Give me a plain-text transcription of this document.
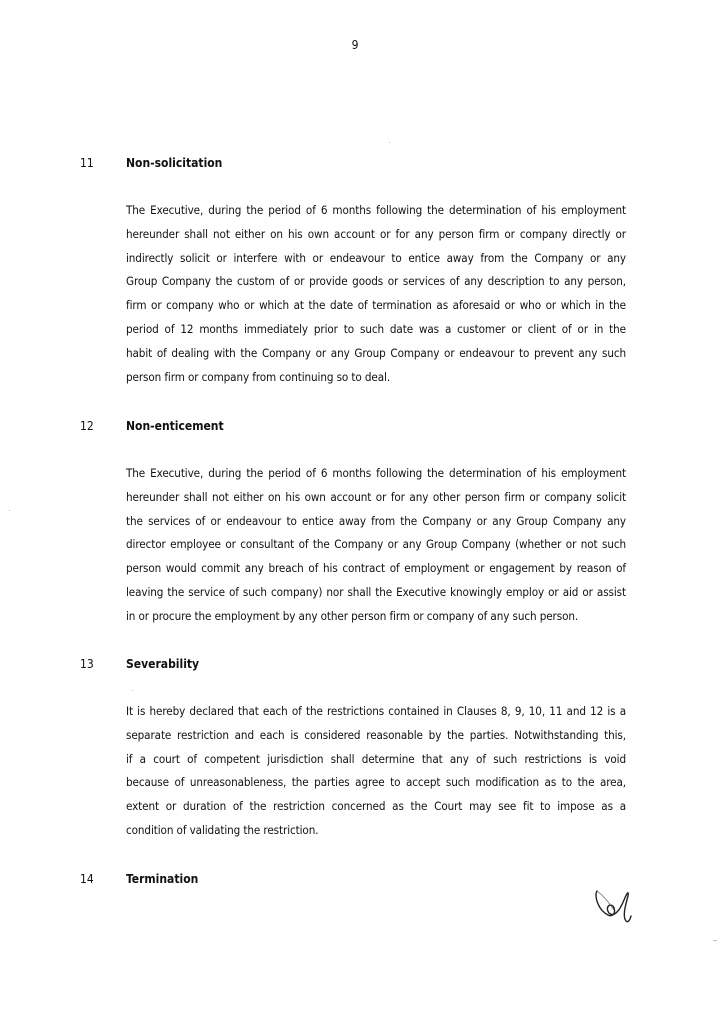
9
11	Non-solicitation
The Executive, during the period of 6 months following the determination of his employment
hereunder shall not either on his own account or for any person firm or company directly or
indirectly solicit or interfere with or endeavour to entice away from the Company or any
Group Company the custom of or provide goods or services of any description to any person,
firm or company who or which at the date of termination as aforesaid or who or which in the
period of 12 months immediately prior to such date was a customer or client of or in the
habit of dealing with the Company or any Group Company or endeavour to prevent any such
person firm or company from continuing so to deal.
12	Non-enticement
The Executive, during the period of 6 months following the determination of his employment
hereunder shall not either on his own account or for any other person firm or company solicit
the services of or endeavour to entice away from the Company or any Group Company any
director employee or consultant of the Company or any Group Company (whether or not such
person would commit any breach of his contract of employment or engagement by reason of
leaving the service of such company) nor shall the Executive knowingly employ or aid or assist
in or procure the employment by any other person firm or company of any such person.
13	Severability
It is hereby declared that each of the restrictions contained in Clauses 8, 9, 10, 11 and 12 is a
separate restriction and each is considered reasonable by the parties. Notwithstanding this,
if a court of competent jurisdiction shall determine that any of such restrictions is void
because of unreasonableness, the parties agree to accept such modification as to the area,
extent or duration of the restriction concerned as the Court may see fit to impose as a
condition of validating the restriction.
14	Termination
